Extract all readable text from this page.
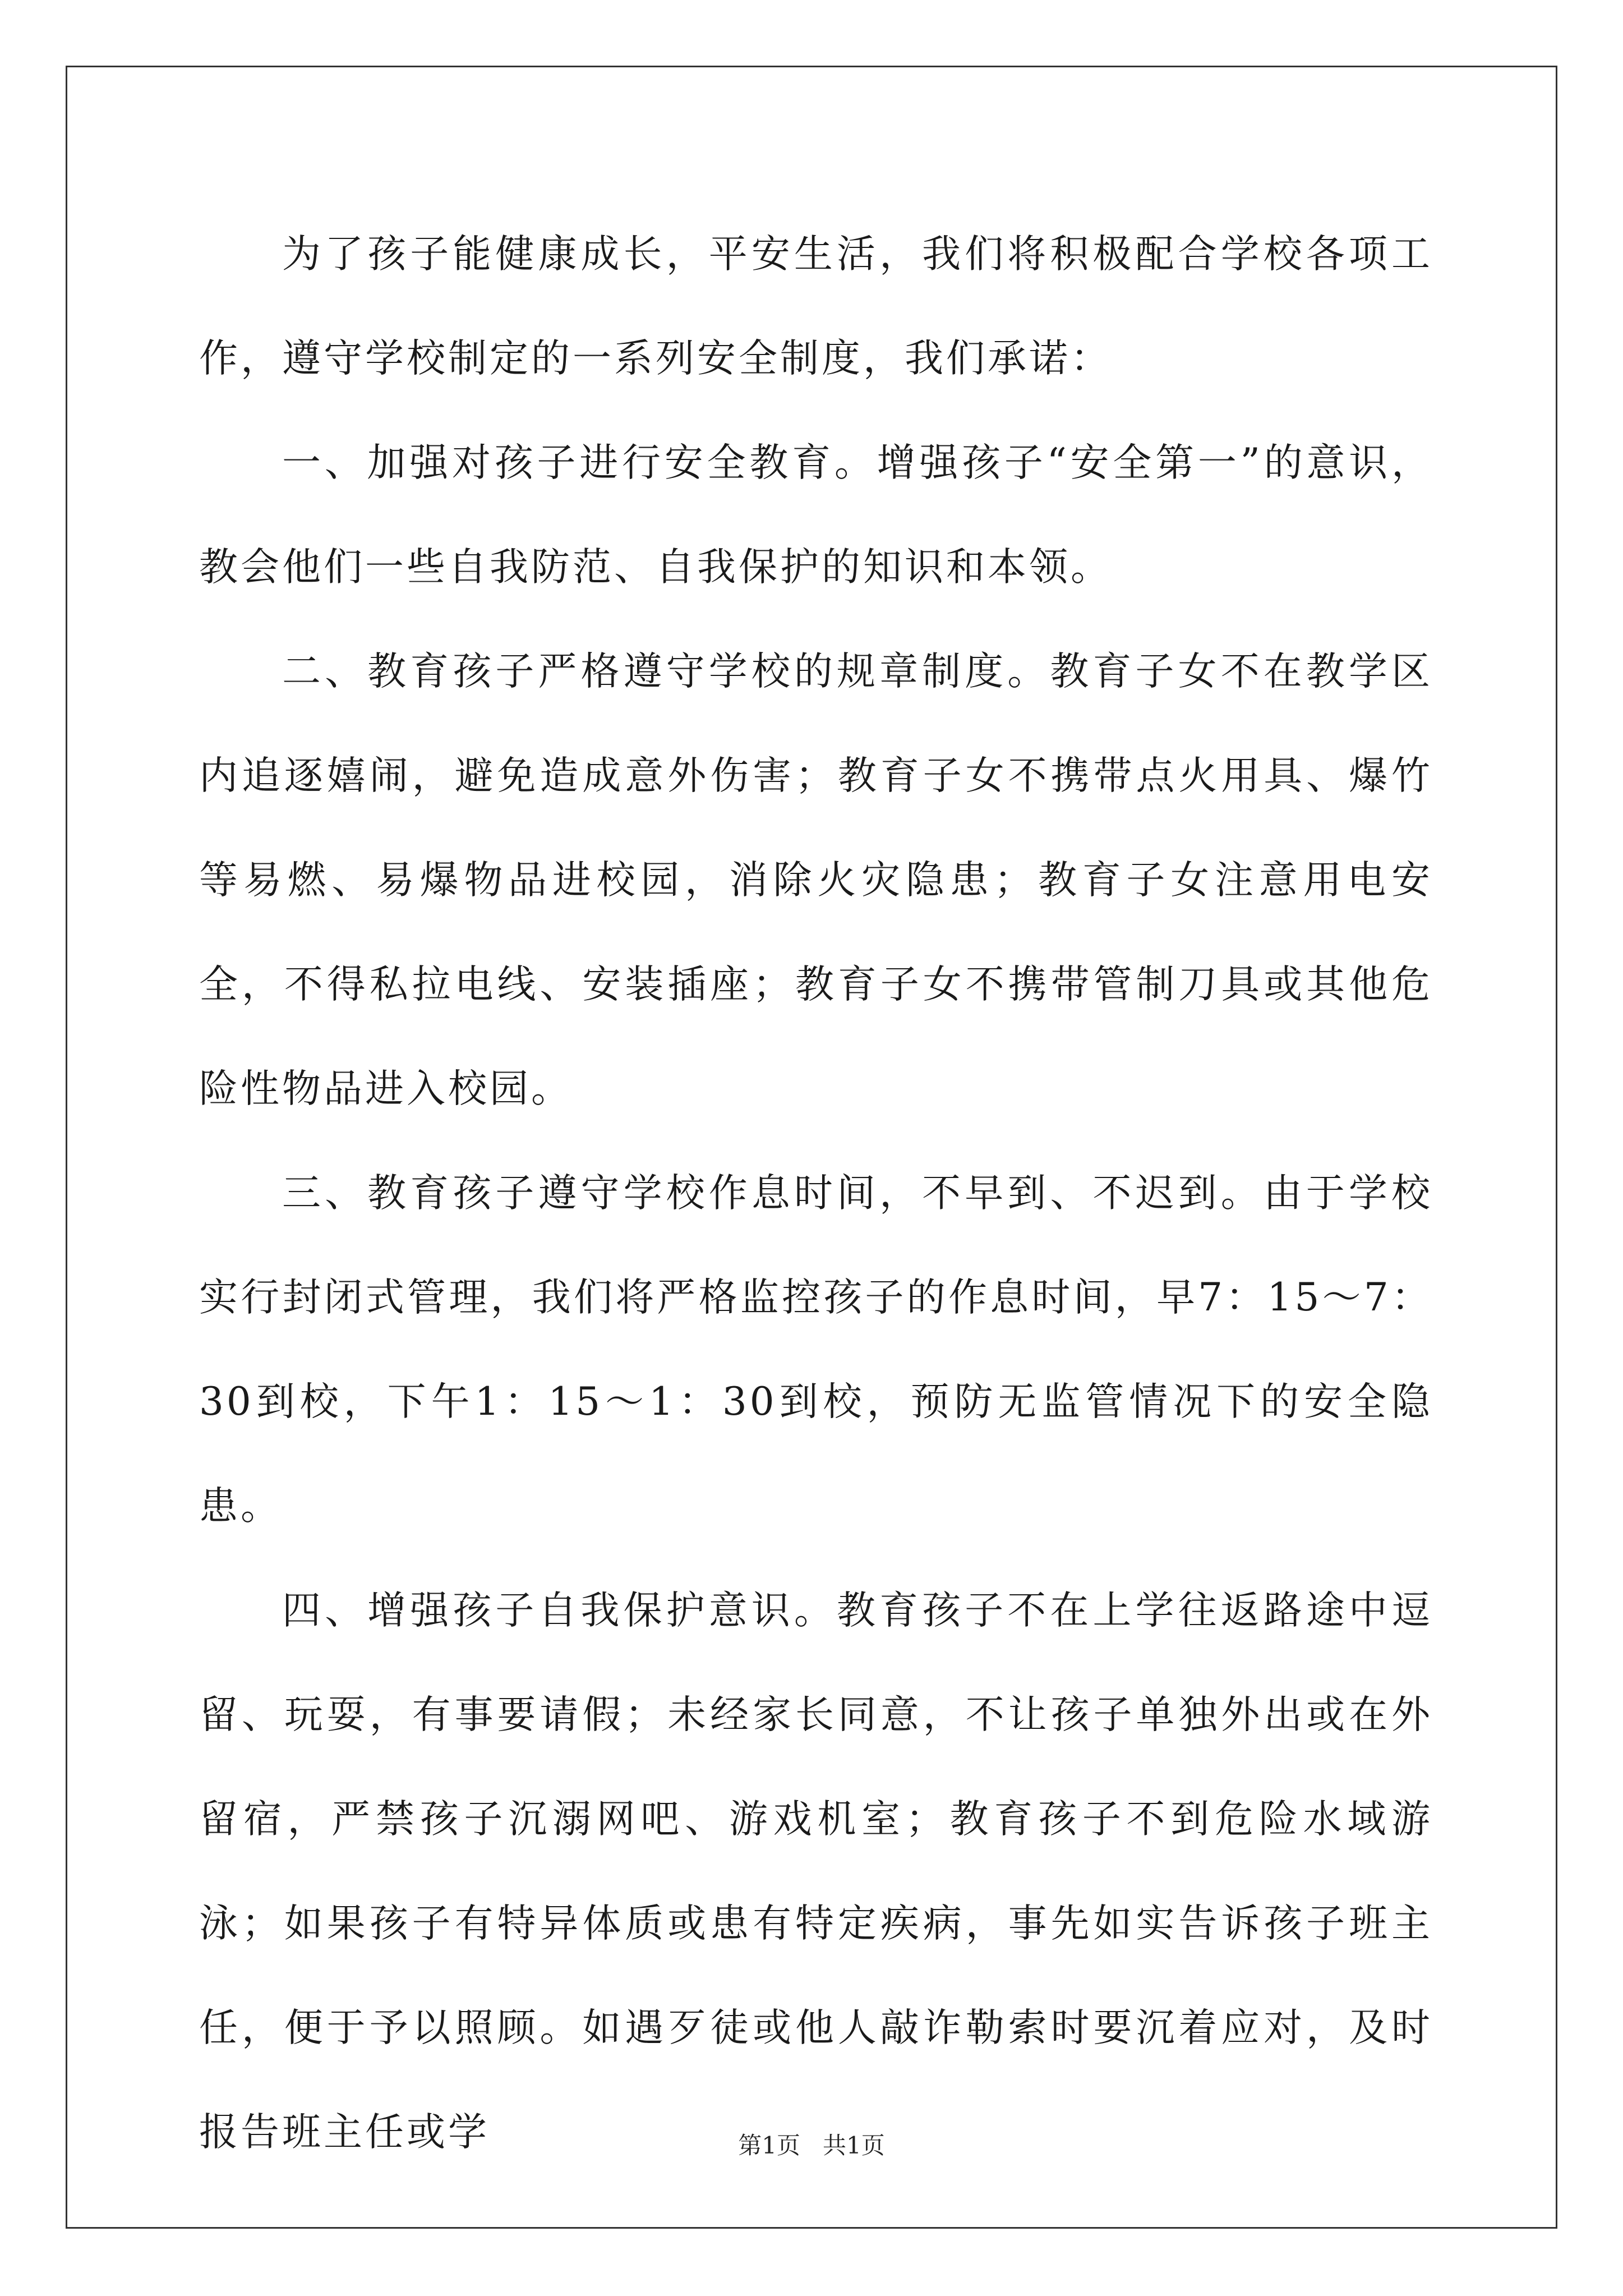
为了孩子能健康成长，平安生活，我们将积极配合学校各项工作，遵守学校制定的一系列安全制度，我们承诺：

一、加强对孩子进行安全教育。增强孩子“安全第一”的意识，教会他们一些自我防范、自我保护的知识和本领。

二、教育孩子严格遵守学校的规章制度。教育子女不在教学区内追逐嬉闹，避免造成意外伤害；教育子女不携带点火用具、爆竹等易燃、易爆物品进校园，消除火灾隐患；教育子女注意用电安全，不得私拉电线、安装插座；教育子女不携带管制刀具或其他危险性物品进入校园。

三、教育孩子遵守学校作息时间，不早到、不迟到。由于学校实行封闭式管理，我们将严格监控孩子的作息时间，早7：15～7：30到校，下午1：15～1：30到校，预防无监管情况下的安全隐患。

四、增强孩子自我保护意识。教育孩子不在上学往返路途中逗留、玩耍，有事要请假；未经家长同意，不让孩子单独外出或在外留宿，严禁孩子沉溺网吧、游戏机室；教育孩子不到危险水域游泳；如果孩子有特异体质或患有特定疾病，事先如实告诉孩子班主任，便于予以照顾。如遇歹徒或他人敲诈勒索时要沉着应对，及时报告班主任或学	第1页 共1页
